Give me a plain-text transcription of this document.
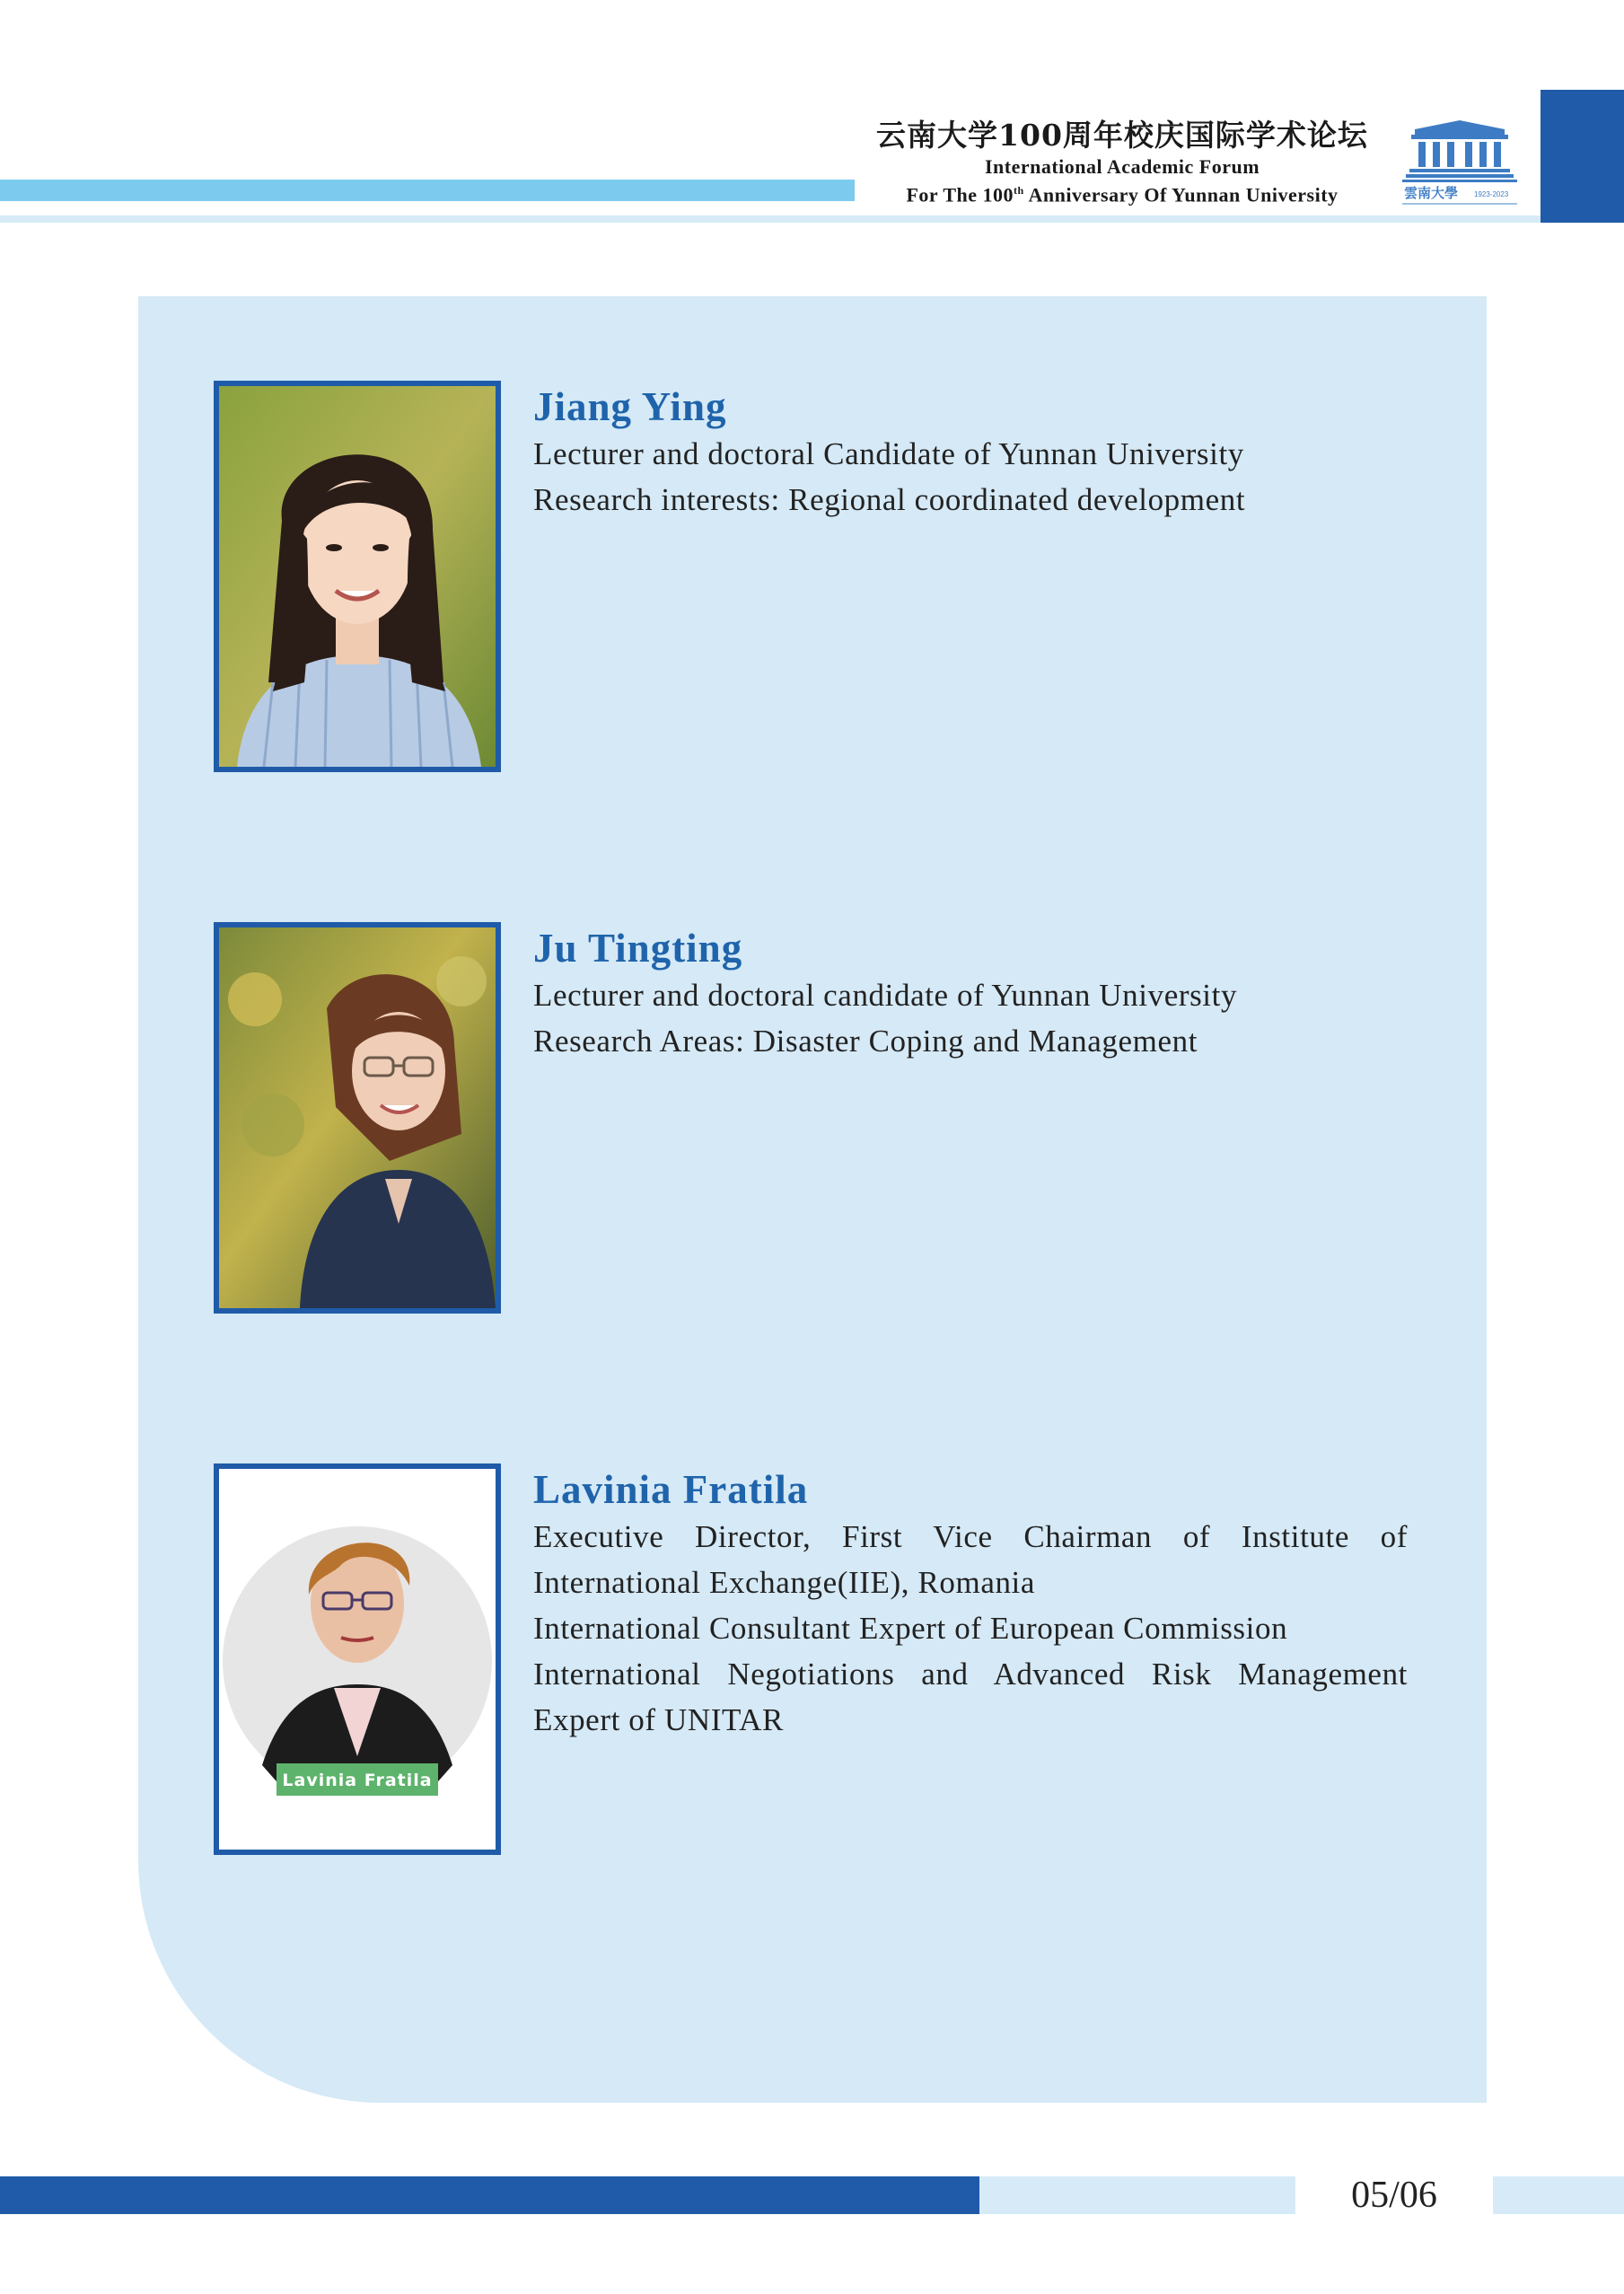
云南大学100周年校庆国际学术论坛
International Academic Forum
For The 100th Anniversary Of Yunnan University	雲南大學 1923-2023
Jiang Ying
Lecturer and doctoral Candidate of Yunnan University
Research interests: Regional coordinated development
Ju Tingting
Lecturer and doctoral candidate of Yunnan University
Research Areas: Disaster Coping and Management
Lavinia Fratila
Lavinia Fratila
Executive Director, First Vice Chairman of Institute of International Exchange(IIE), Romania
International Consultant Expert of European Commission
International Negotiations and Advanced Risk Management Expert of UNITAR
05/06
